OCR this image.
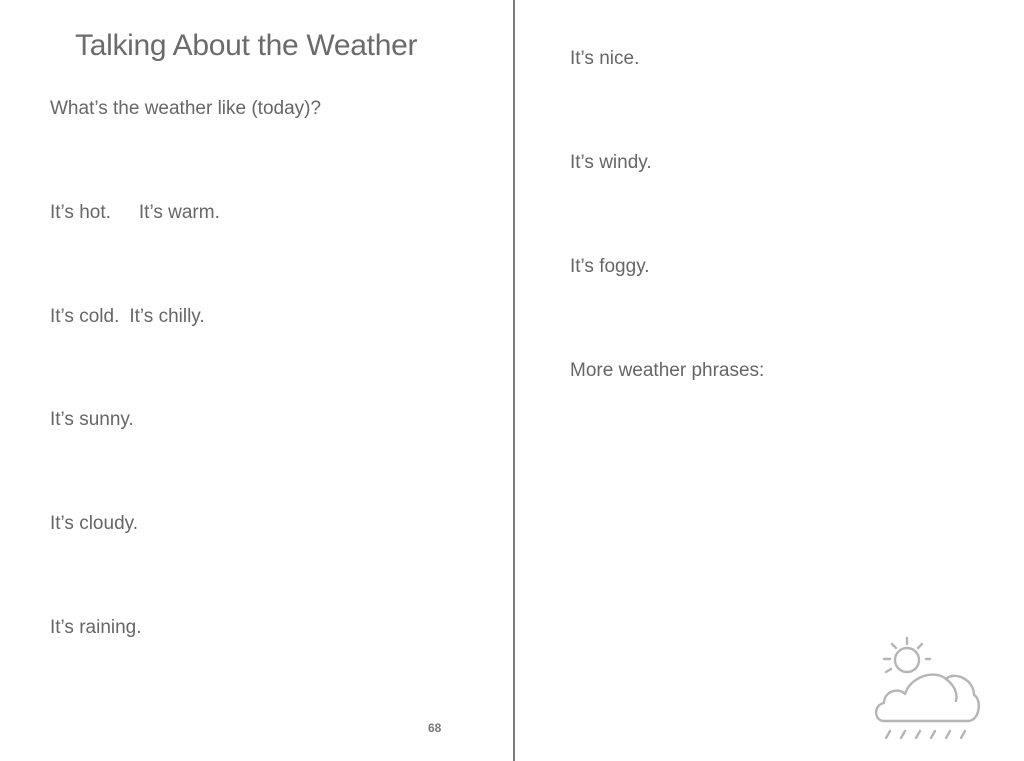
Talking About the Weather
What’s the weather like (today)?
It’s hot. It’s warm.
It’s cold. It’s chilly.
It’s sunny.
It’s cloudy.
It’s raining.
68
It’s nice.
It’s windy.
It’s foggy.
More weather phrases:
